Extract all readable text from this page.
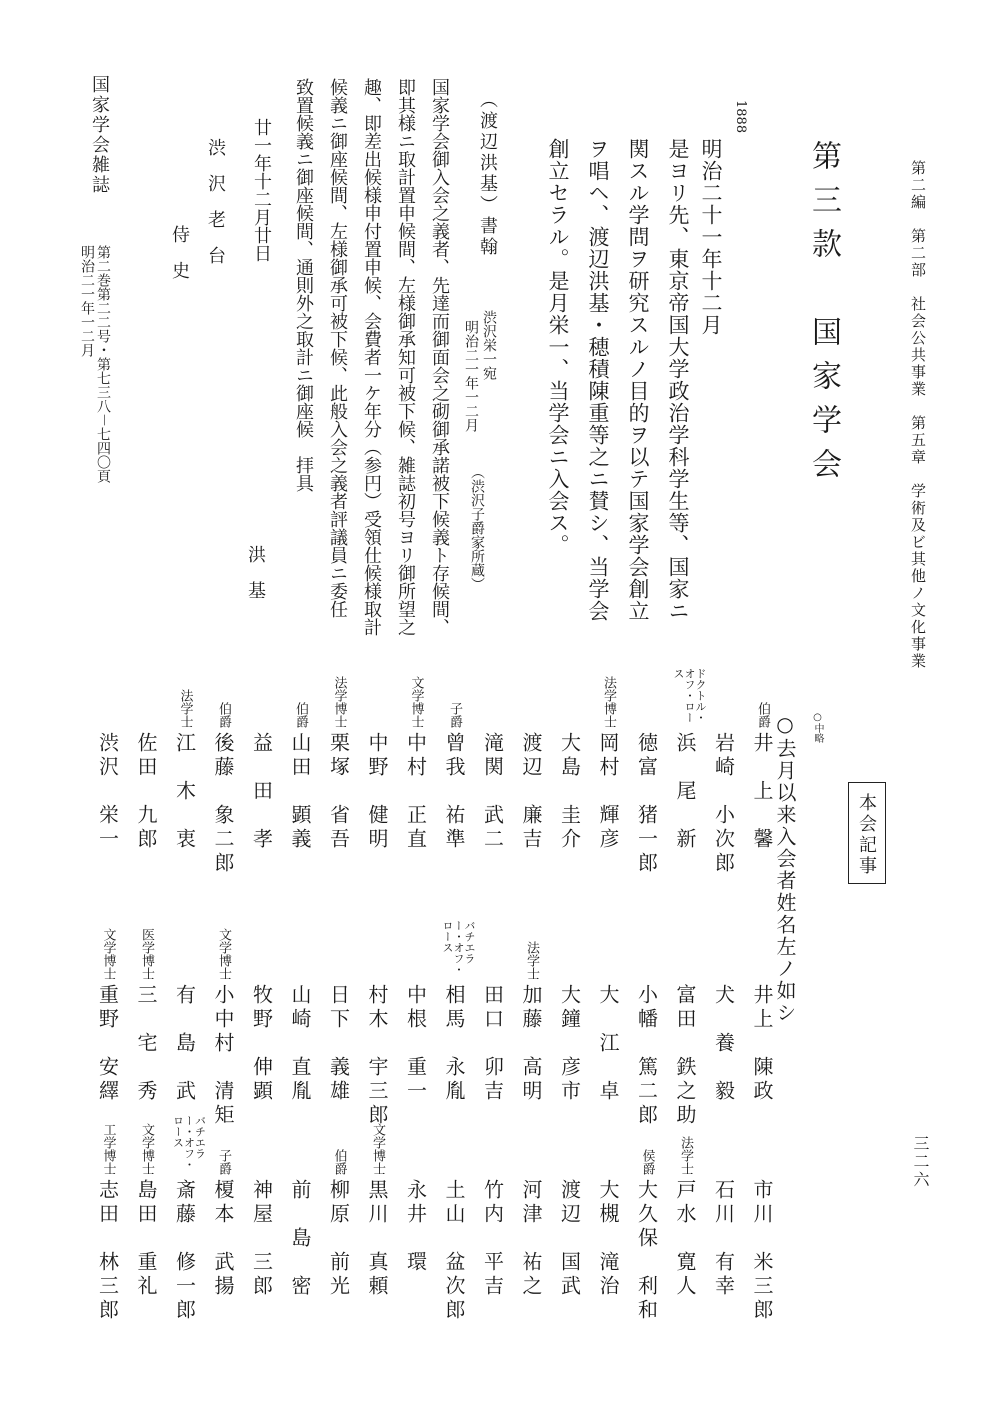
第二編　第二部　社会公共事業　第五章　学術及ビ其他ノ文化事業
三二六
第三款　国家学会
1888
明治二十一年十二月
是ヨリ先、東京帝国大学政治学科学生等、国家ニ
関スル学問ヲ研究スルノ目的ヲ以テ国家学会創立
ヲ唱ヘ、渡辺洪基・穂積陳重等之ニ賛シ、当学会
創立セラル。是月栄一、当学会ニ入会ス。
（渡辺洪基）書翰
渋沢栄一宛
明治二一年一二月
（渋沢子爵家所蔵）
国家学会御入会之義者、先達而御面会之砌御承諾被下候義ト存候間、
即其様ニ取計置申候間、左様御承知可被下候、雑誌初号ヨリ御所望之
趣、即差出候様申付置申候、会費者一ケ年分（参円）受領仕候様取計
候義ニ御座候間、左様御承可被下候、此般入会之義者評議員ニ委任
致置候義ニ御座候間、通則外之取計ニ御座候　拝具
廿一年十二月廿日
洪　基
渋　沢　老　台
侍　史
国家学会雑誌
第二巻第二二号・第七三八－七四〇頁
明治二一年一二月
本会記事
○中略
○去月以来入会者姓名左ノ如シ
伯爵
井　上　馨
井上　陳政
市川　米三郎
岩崎　小次郎
犬　養　毅
石川　有幸
ドクトル・オフ・ロース
浜　尾　新
富田　鉄之助
法学士
戸水　寛人
徳富　猪一郎
小幡　篤二郎
侯爵
大久保　利和
法学博士
岡村　輝彦
大　江　卓
大槻　滝治
大島　圭介
大鐘　彦市
渡辺　国武
渡辺　廉吉
法学士
加藤　高明
河津　祐之
滝関　武二
田口　卯吉
竹内　平吉
子爵
曾我　祐準
バチエラー・オフ・ロース
相馬　永胤
土山　盆次郎
文学博士
中村　正直
中根　重一
永井　環
中野　健明
村木　宇三郎
文学博士
黒川　真頼
法学博士
栗塚　省吾
日下　義雄
伯爵
柳原　前光
伯爵
山田　顕義
山崎　直胤
前　島　密
益　田　孝
牧野　伸顕
神屋　三郎
伯爵
後藤　象二郎
文学博士
小中村　清矩
子爵
榎本　武揚
法学士
江　木　衷
有　島　武
バチエラー・オフ・ロース
斎藤　修一郎
佐田　九郎
医学博士
三　宅　秀
文学博士
島田　重礼
渋沢　栄一
文学博士
重野　安繹
工学博士
志田　林三郎
